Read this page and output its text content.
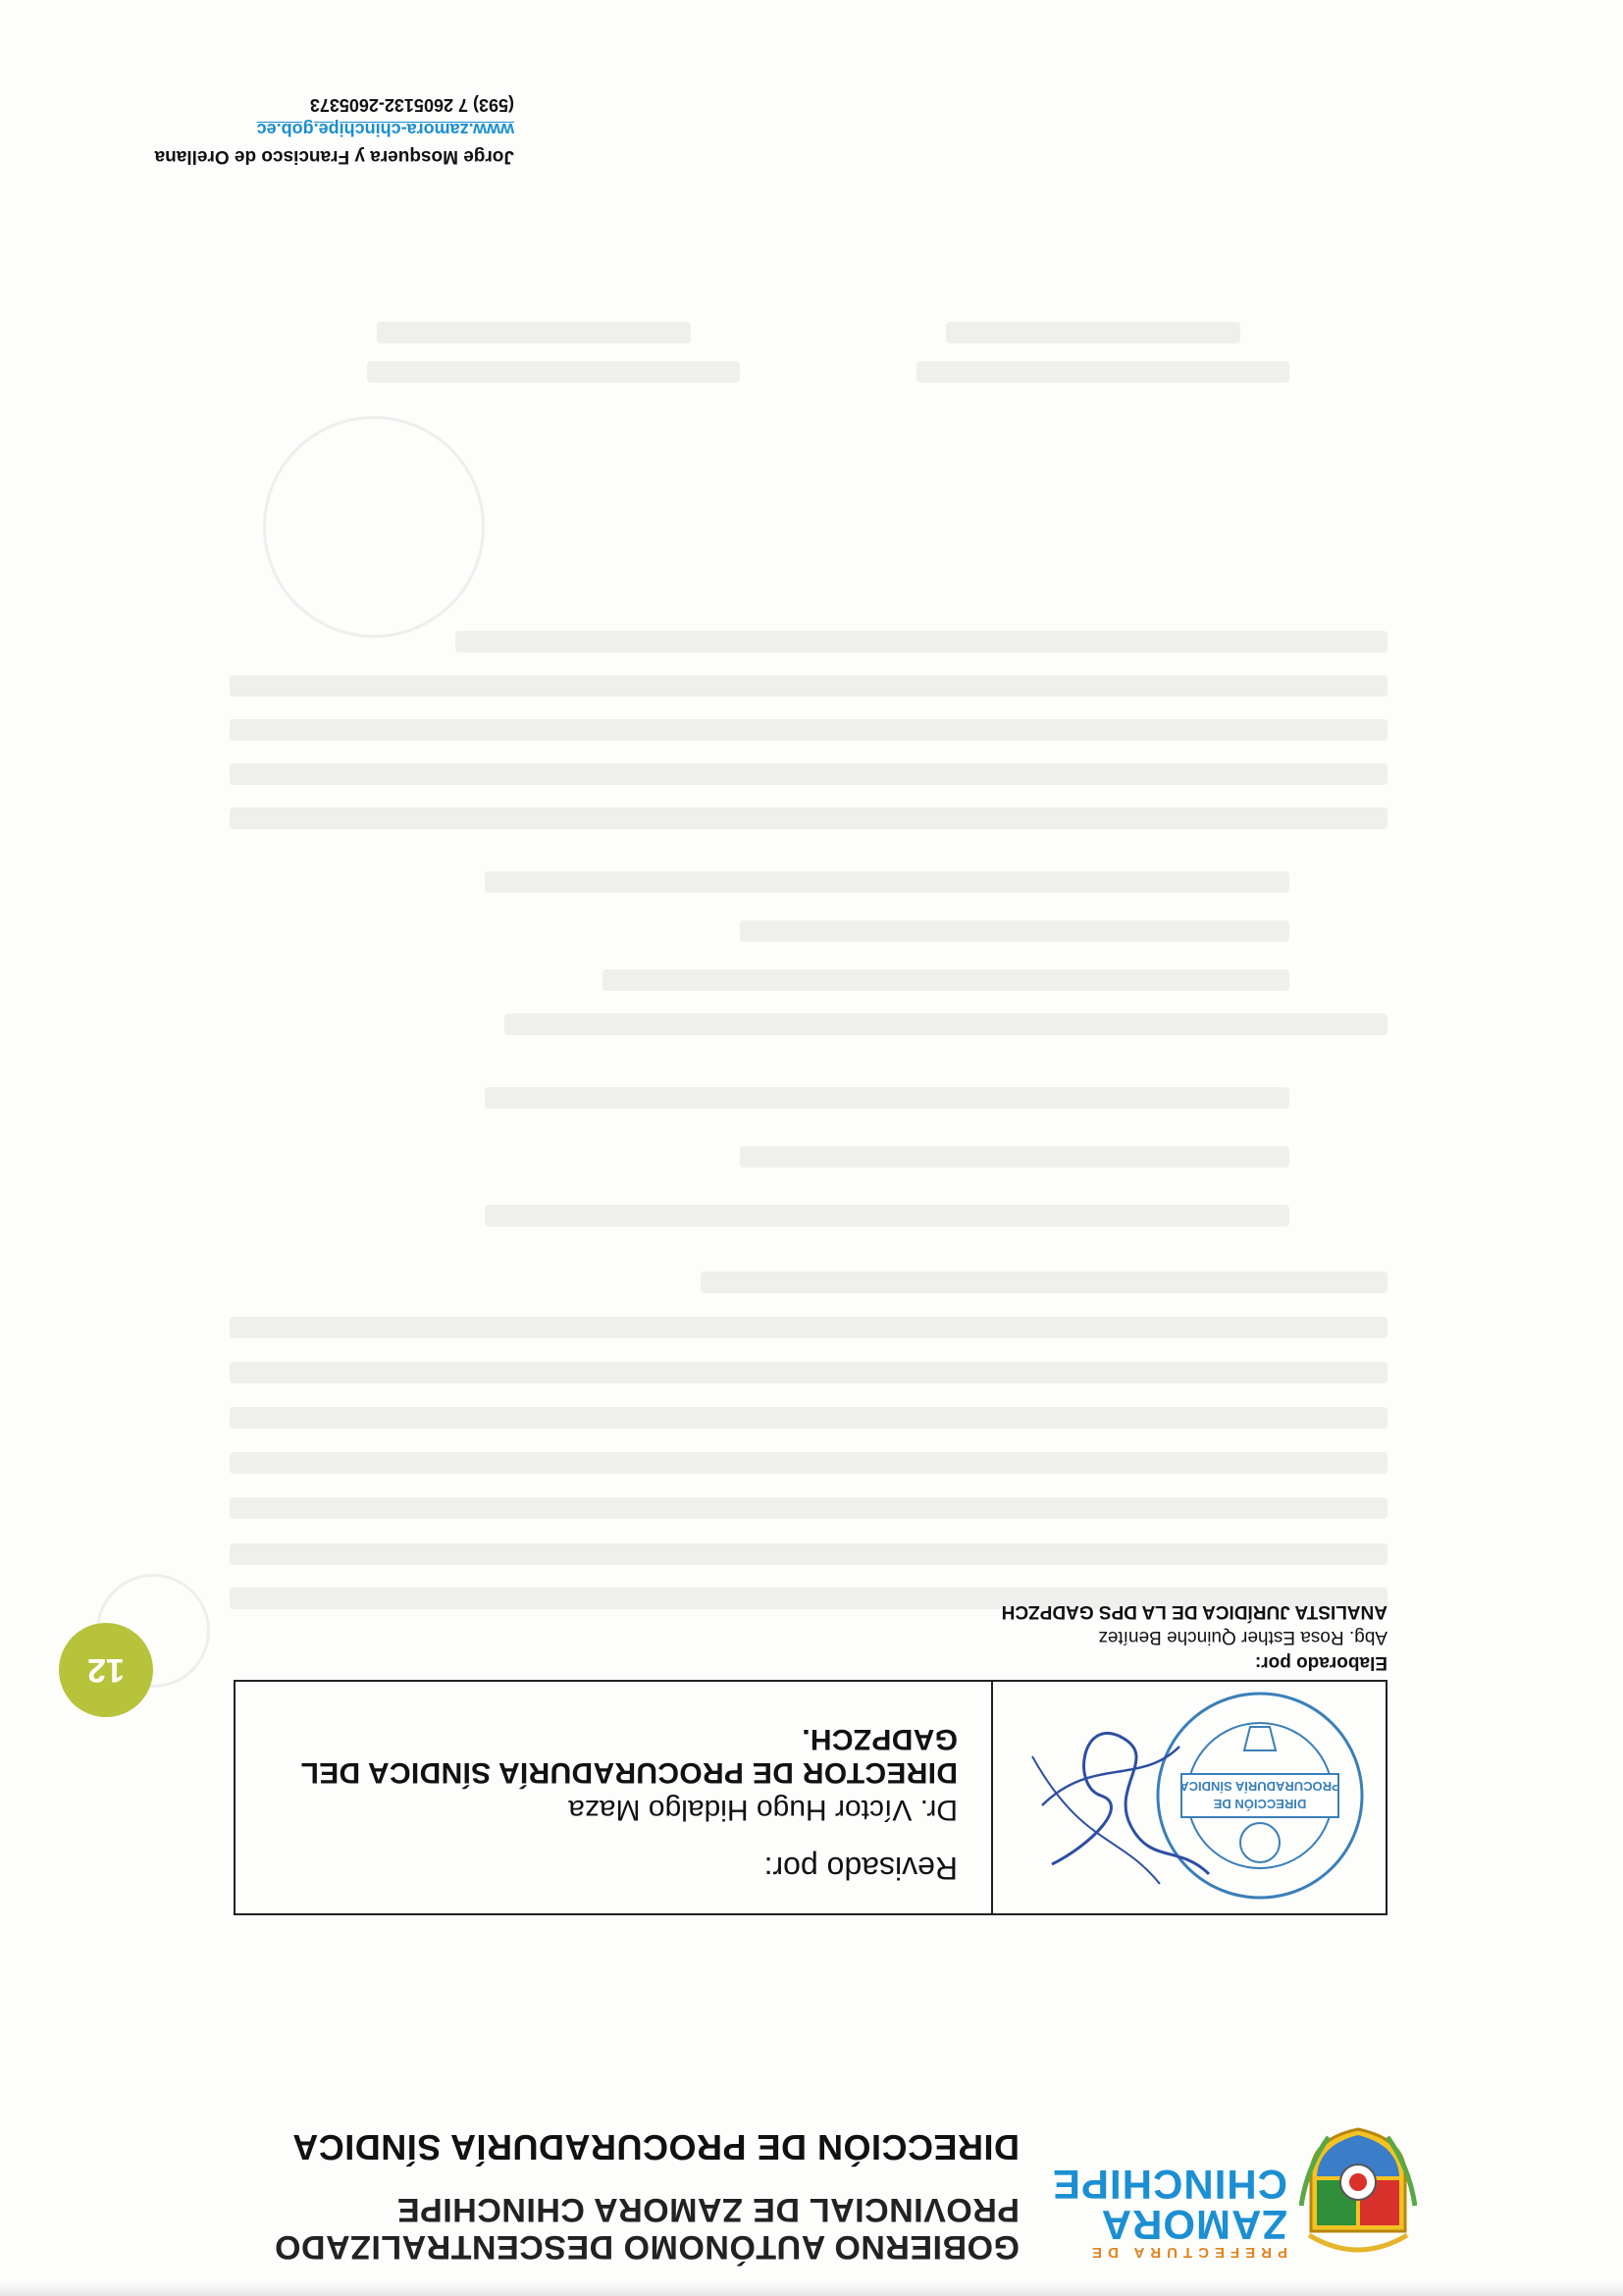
PREFECTURA DE
ZAMORA
CHINCHIPE
GOBIERNO AUTÓNOMO DESCENTRALIZADO
PROVINCIAL DE ZAMORA CHINCHIPE
DIRECCIÓN DE PROCURADURÍA SÍNDICA
DIRECCIÓN DE
PROCURADURÍA SÍNDICA
Revisado por:
Dr. Víctor Hugo Hidalgo Maza
DIRECTOR DE PROCURADURÍA SÍNDICA DEL GADPZCH.
Elaborado por:
Abg. Rosa Esther Quinche Benítez
ANALISTA JURÍDICA DE LA DPS GADPZCH
12
Jorge Mosquera y Francisco de Orellana
www.zamora-chinchipe.gob.ec
(593) 7 2605132-2605373
